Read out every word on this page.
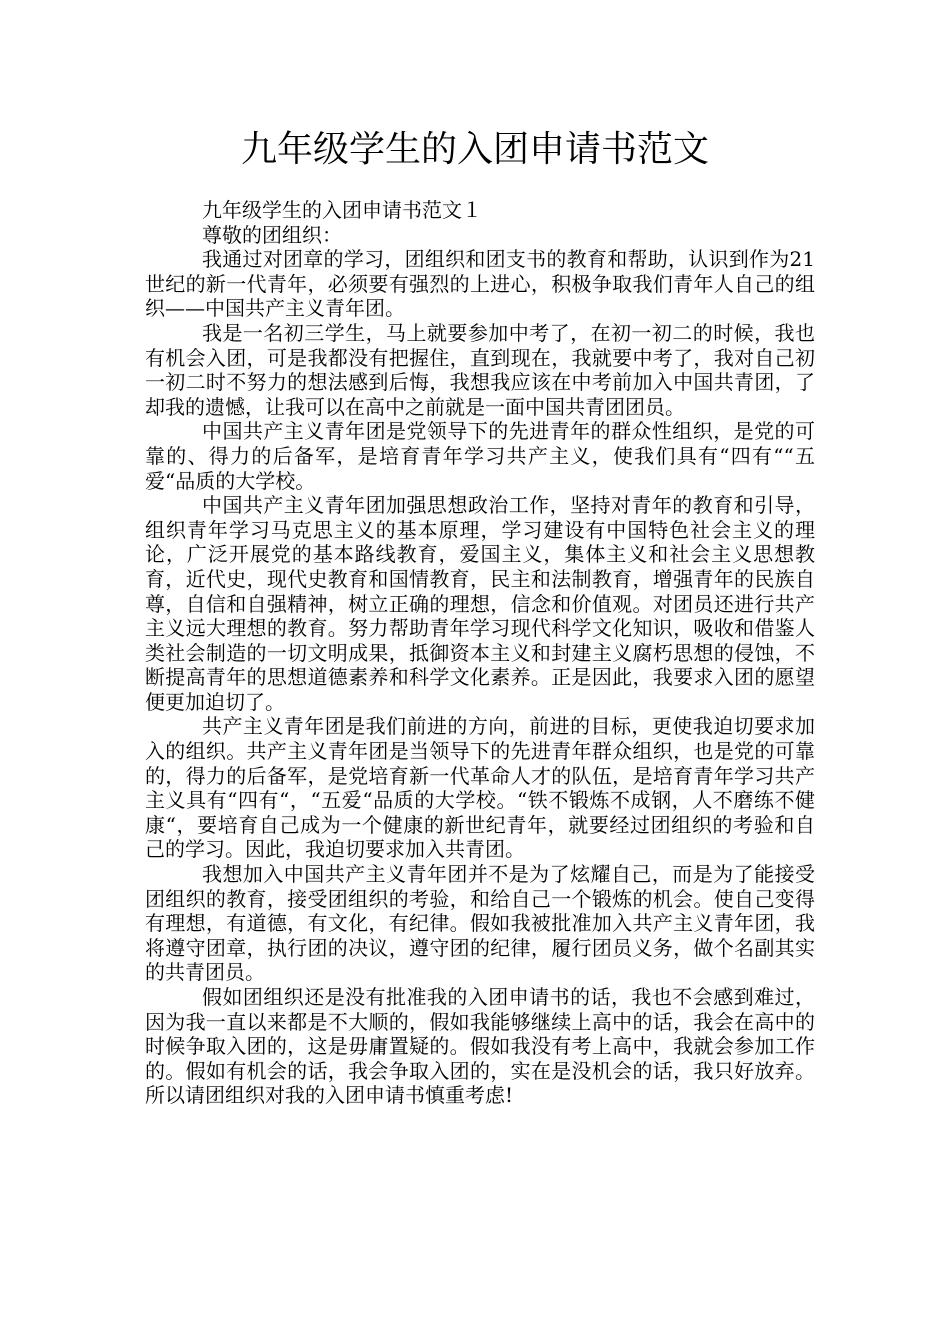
九年级学生的入团申请书范文

九年级学生的入团申请书范文１

尊敬的团组织：

我通过对团章的学习，团组织和团支书的教育和帮助，认识到作为21世纪的新一代青年，必须要有强烈的上进心，积极争取我们青年人自己的组织——中国共产主义青年团。

我是一名初三学生，马上就要参加中考了，在初一初二的时候，我也有机会入团，可是我都没有把握住，直到现在，我就要中考了，我对自己初一初二时不努力的想法感到后悔，我想我应该在中考前加入中国共青团，了却我的遗憾，让我可以在高中之前就是一面中国共青团团员。

中国共产主义青年团是党领导下的先进青年的群众性组织，是党的可靠的、得力的后备军，是培育青年学习共产主义，使我们具有“四有““五爱“品质的大学校。

中国共产主义青年团加强思想政治工作，坚持对青年的教育和引导，组织青年学习马克思主义的基本原理，学习建设有中国特色社会主义的理论，广泛开展党的基本路线教育，爱国主义，集体主义和社会主义思想教育，近代史，现代史教育和国情教育，民主和法制教育，增强青年的民族自尊，自信和自强精神，树立正确的理想，信念和价值观。对团员还进行共产主义远大理想的教育。努力帮助青年学习现代科学文化知识，吸收和借鉴人类社会制造的一切文明成果，抵御资本主义和封建主义腐朽思想的侵蚀，不断提高青年的思想道德素养和科学文化素养。正是因此，我要求入团的愿望便更加迫切了。

共产主义青年团是我们前进的方向，前进的目标，更使我迫切要求加入的组织。共产主义青年团是当领导下的先进青年群众组织，也是党的可靠的，得力的后备军，是党培育新一代革命人才的队伍，是培育青年学习共产主义具有“四有“，“五爱“品质的大学校。“铁不锻炼不成钢，人不磨练不健康“，要培育自己成为一个健康的新世纪青年，就要经过团组织的考验和自己的学习。因此，我迫切要求加入共青团。

我想加入中国共产主义青年团并不是为了炫耀自己，而是为了能接受团组织的教育，接受团组织的考验，和给自己一个锻炼的机会。使自己变得有理想，有道德，有文化，有纪律。假如我被批准加入共产主义青年团，我将遵守团章，执行团的决议，遵守团的纪律，履行团员义务，做个名副其实的共青团员。

假如团组织还是没有批准我的入团申请书的话，我也不会感到难过，因为我一直以来都是不大顺的，假如我能够继续上高中的话，我会在高中的时候争取入团的，这是毋庸置疑的。假如我没有考上高中，我就会参加工作的。假如有机会的话，我会争取入团的，实在是没机会的话，我只好放弃。所以请团组织对我的入团申请书慎重考虑!
